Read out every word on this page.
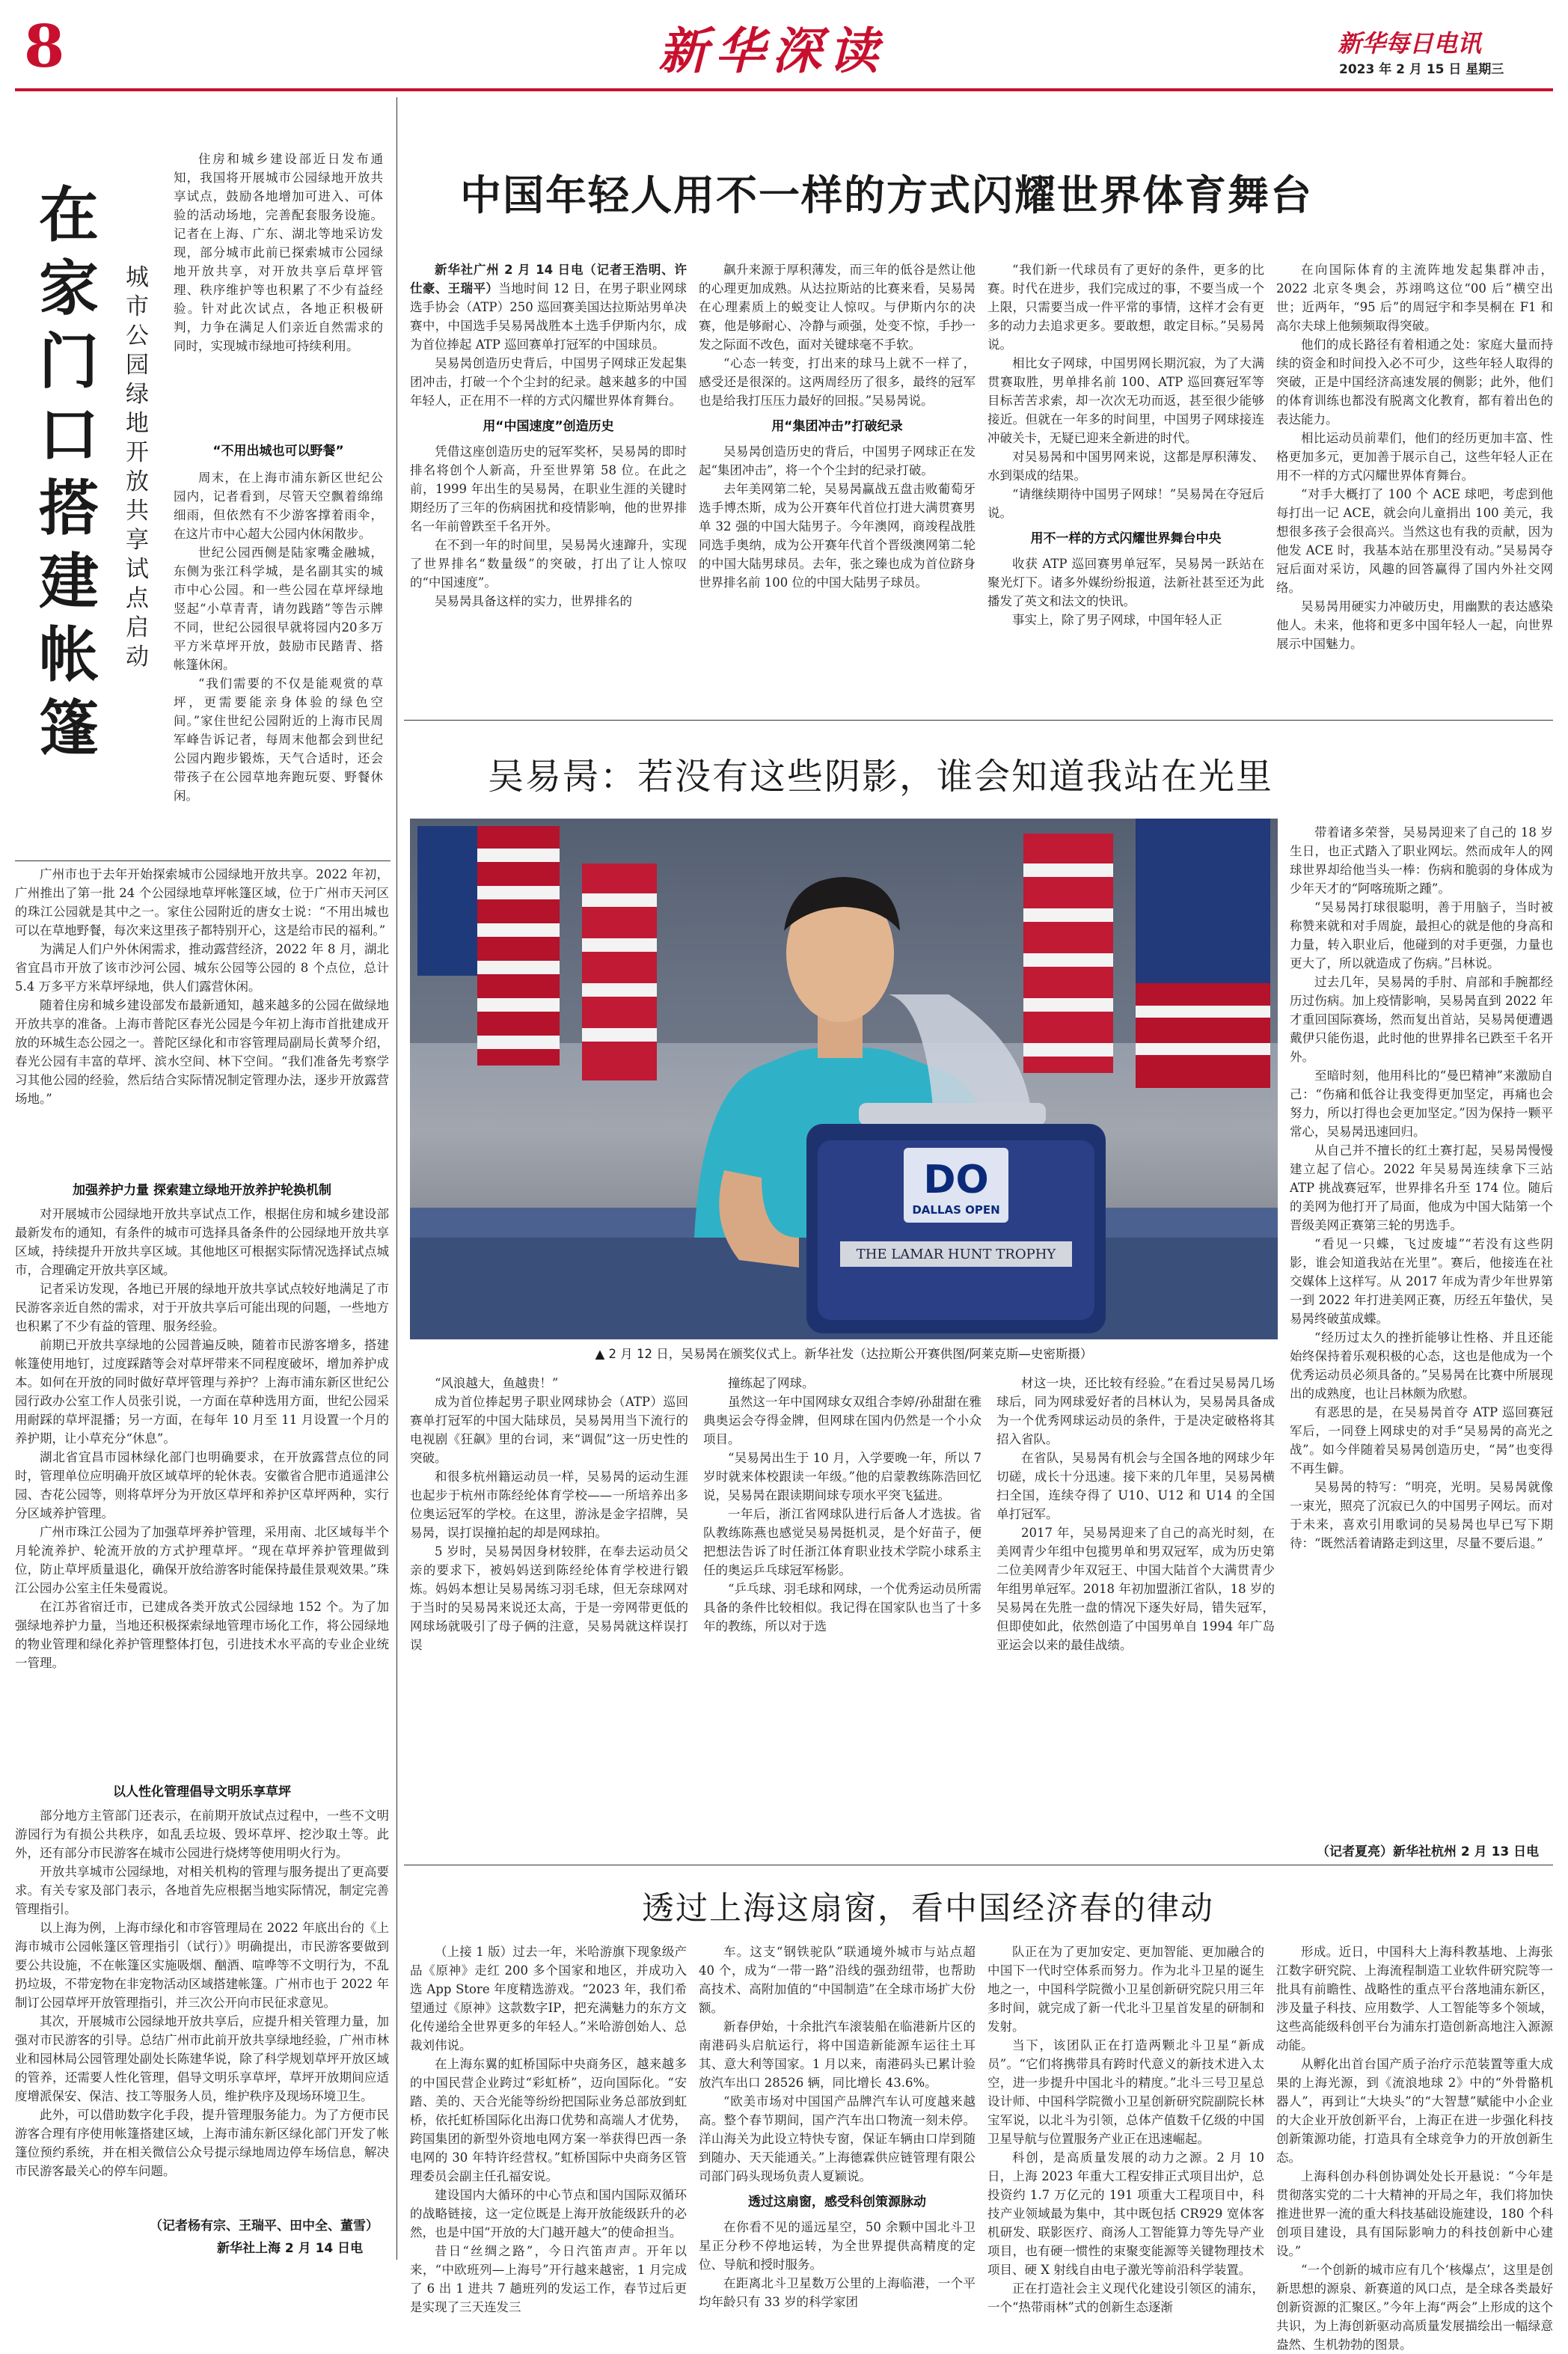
8	新华深读	新华每日电讯
2023 年 2 月 15 日 星期三
在家门口搭建帐篷
城市公园绿地开放共享试点启动

住房和城乡建设部近日发布通知，我国将开展城市公园绿地开放共享试点，鼓励各地增加可进入、可体验的活动场地，完善配套服务设施。记者在上海、广东、湖北等地采访发现，部分城市此前已探索城市公园绿地开放共享，对开放共享后草坪管理、秩序维护等也积累了不少有益经验。针对此次试点，各地正积极研判，力争在满足人们亲近自然需求的同时，实现城市绿地可持续利用。

“不用出城也可以野餐”

周末，在上海市浦东新区世纪公园内，记者看到，尽管天空飘着绵绵细雨，但依然有不少游客撑着雨伞，在这片市中心超大公园内休闲散步。

世纪公园西侧是陆家嘴金融城，东侧为张江科学城，是名副其实的城市中心公园。和一些公园在草坪绿地竖起“小草青青，请勿践踏”等告示牌不同，世纪公园很早就将园内20多万平方米草坪开放，鼓励市民踏青、搭帐篷休闲。

“我们需要的不仅是能观赏的草坪，更需要能亲身体验的绿色空间。”家住世纪公园附近的上海市民周军峰告诉记者，每周末他都会到世纪公园内跑步锻炼，天气合适时，还会带孩子在公园草地奔跑玩耍、野餐休闲。

广州市也于去年开始探索城市公园绿地开放共享。2022 年初，广州推出了第一批 24 个公园绿地草坪帐篷区域，位于广州市天河区的珠江公园就是其中之一。家住公园附近的唐女士说：“不用出城也可以在草地野餐，每次来这里孩子都特别开心，这是给市民的福利。”

为满足人们户外休闲需求，推动露营经济，2022 年 8 月，湖北省宜昌市开放了该市沙河公园、城东公园等公园的 8 个点位，总计 5.4 万多平方米草坪绿地，供人们露营休闲。

随着住房和城乡建设部发布最新通知，越来越多的公园在做绿地开放共享的准备。上海市普陀区春光公园是今年初上海市首批建成开放的环城生态公园之一。普陀区绿化和市容管理局副局长黄琴介绍，春光公园有丰富的草坪、滨水空间、林下空间。“我们准备先考察学习其他公园的经验，然后结合实际情况制定管理办法，逐步开放露营场地。”

加强养护力量 探索建立绿地开放养护轮换机制

对开展城市公园绿地开放共享试点工作，根据住房和城乡建设部最新发布的通知，有条件的城市可选择具备条件的公园绿地开放共享区域，持续提升开放共享区域。其他地区可根据实际情况选择试点城市，合理确定开放共享区域。

记者采访发现，各地已开展的绿地开放共享试点较好地满足了市民游客亲近自然的需求，对于开放共享后可能出现的问题，一些地方也积累了不少有益的管理、服务经验。

前期已开放共享绿地的公园普遍反映，随着市民游客增多，搭建帐篷使用地钉，过度踩踏等会对草坪带来不同程度破坏，增加养护成本。如何在开放的同时做好草坪管理与养护？上海市浦东新区世纪公园行政办公室工作人员张引说，一方面在草种选用方面，世纪公园采用耐踩的草坪混播；另一方面，在每年 10 月至 11 月设置一个月的养护期，让小草充分“休息”。

湖北省宜昌市园林绿化部门也明确要求，在开放露营点位的同时，管理单位应明确开放区域草坪的轮休表。安徽省合肥市逍遥津公园、杏花公园等，则将草坪分为开放区草坪和养护区草坪两种，实行分区域养护管理。

广州市珠江公园为了加强草坪养护管理，采用南、北区域每半个月轮流养护、轮流开放的方式护理草坪。“现在草坪养护管理做到位，防止草坪质量退化，确保开放给游客时能保持最佳景观效果。”珠江公园办公室主任朱曼霞说。

在江苏省宿迁市，已建成各类开放式公园绿地 152 个。为了加强绿地养护力量，当地还积极探索绿地管理市场化工作，将公园绿地的物业管理和绿化养护管理整体打包，引进技术水平高的专业企业统一管理。

以人性化管理倡导文明乐享草坪

部分地方主管部门还表示，在前期开放试点过程中，一些不文明游园行为有损公共秩序，如乱丢垃圾、毁坏草坪、挖沙取土等。此外，还有部分市民游客在城市公园进行烧烤等使用明火行为。

开放共享城市公园绿地，对相关机构的管理与服务提出了更高要求。有关专家及部门表示，各地首先应根据当地实际情况，制定完善管理指引。

以上海为例，上海市绿化和市容管理局在 2022 年底出台的《上海市城市公园帐篷区管理指引（试行）》明确提出，市民游客要做到要公共设施，不在帐篷区实施吸烟、酗酒、喧哗等不文明行为，不乱扔垃圾，不带宠物在非宠物活动区域搭建帐篷。广州市也于 2022 年制订公园草坪开放管理指引，并三次公开向市民征求意见。

其次，开展城市公园绿地开放共享后，应提升相关管理力量，加强对市民游客的引导。总结广州市此前开放共享绿地经验，广州市林业和园林局公园管理处副处长陈建华说，除了科学规划草坪开放区域的管养，还需要人性化管理，倡导文明乐享草坪，草坪开放期间应适度增派保安、保洁、技工等服务人员，维护秩序及现场环境卫生。

此外，可以借助数字化手段，提升管理服务能力。为了方便市民游客合理有序使用帐篷搭建区域，上海市浦东新区绿化部门开发了帐篷位预约系统，并在相关微信公众号提示绿地周边停车场信息，解决市民游客最关心的停车问题。

（记者杨有宗、王瑞平、田中全、董雪）
新华社上海 2 月 14 日电
中国年轻人用不一样的方式闪耀世界体育舞台

新华社广州 2 月 14 日电（记者王浩明、许仕豪、王瑞平）当地时间 12 日，在男子职业网球选手协会（ATP）250 巡回赛美国达拉斯站男单决赛中，中国选手吴易昺战胜本土选手伊斯内尔，成为首位捧起 ATP 巡回赛单打冠军的中国球员。

吴易昺创造历史背后，中国男子网球正发起集团冲击，打破一个个尘封的纪录。越来越多的中国年轻人，正在用不一样的方式闪耀世界体育舞台。

用“中国速度”创造历史

凭借这座创造历史的冠军奖杯，吴易昺的即时排名将创个人新高，升至世界第 58 位。在此之前，1999 年出生的吴易昺，在职业生涯的关键时期经历了三年的伤病困扰和疫情影响，他的世界排名一年前曾跌至千名开外。

在不到一年的时间里，吴易昺火速蹿升，实现了世界排名“数量级”的突破，打出了让人惊叹的“中国速度”。

吴易昺具备这样的实力，世界排名的

飙升来源于厚积薄发，而三年的低谷是然让他的心理更加成熟。从达拉斯站的比赛来看，吴易昺在心理素质上的蜕变让人惊叹。与伊斯内尔的决赛，他是够耐心、冷静与顽强，处变不惊，手抄一发之际面不改色，面对关键球毫不手软。

“心态一转变，打出来的球马上就不一样了，感受还是很深的。这两周经历了很多，最终的冠军也是给我打压压力最好的回报。”吴易昺说。

用“集团冲击”打破纪录

吴易昺创造历史的背后，中国男子网球正在发起“集团冲击”，将一个个尘封的纪录打破。

去年美网第二轮，吴易昺赢战五盘击败葡萄牙选手博杰斯，成为公开赛年代首位打进大满贯赛男单 32 强的中国大陆男子。今年澳网，商竣程战胜同选手奥纳，成为公开赛年代首个晋级澳网第二轮的中国大陆男球员。去年，张之臻也成为首位跻身世界排名前 100 位的中国大陆男子球员。

“我们新一代球员有了更好的条件，更多的比赛。时代在进步，我们完成过的事，不要当成一个上限，只需要当成一件平常的事情，这样才会有更多的动力去追求更多。要敢想，敢定目标。”吴易昺说。

相比女子网球，中国男网长期沉寂，为了大满贯赛取胜，男单排名前 100、ATP 巡回赛冠军等目标苦苦求索，却一次次无功而返，甚至很少能够接近。但就在一年多的时间里，中国男子网球接连冲破关卡，无疑已迎来全新进的时代。

对吴易昺和中国男网来说，这都是厚积薄发、水到渠成的结果。

“请继续期待中国男子网球！”吴易昺在夺冠后说。

用不一样的方式闪耀世界舞台中央

收获 ATP 巡回赛男单冠军，吴易昺一跃站在聚光灯下。诸多外媒纷纷报道，法新社甚至还为此播发了英文和法文的快讯。

事实上，除了男子网球，中国年轻人正

在向国际体育的主流阵地发起集群冲击，2022 北京冬奥会，苏翊鸣这位“00 后”横空出世；近两年，“95 后”的周冠宇和李昊桐在 F1 和高尔夫球上他频频取得突破。

他们的成长路径有着相通之处：家庭大量而持续的资金和时间投入必不可少，这些年轻人取得的突破，正是中国经济高速发展的侧影；此外，他们的体育训练也都没有脱离文化教育，都有着出色的表达能力。

相比运动员前辈们，他们的经历更加丰富、性格更加多元，更加善于展示自己，这些年轻人正在用不一样的方式闪耀世界体育舞台。

“对手大概打了 100 个 ACE 球吧，考虑到他每打出一记 ACE，就会向儿童捐出 100 美元，我想很多孩子会很高兴。当然这也有我的贡献，因为他发 ACE 时，我基本站在那里没有动。”吴易昺夺冠后面对采访，风趣的回答赢得了国内外社交网络。

吴易昺用硬实力冲破历史，用幽默的表达感染他人。未来，他将和更多中国年轻人一起，向世界展示中国魅力。

吴易昺：若没有这些阴影，谁会知道我站在光里
DO
DALLAS OPEN
THE LAMAR HUNT TROPHY
▲ 2 月 12 日，吴易昺在颁奖仪式上。新华社发（达拉斯公开赛供图/阿莱克斯—史密斯摄）

“风浪越大，鱼越贵！”

成为首位捧起男子职业网球协会（ATP）巡回赛单打冠军的中国大陆球员，吴易昺用当下流行的电视剧《狂飙》里的台词，来“调侃”这一历史性的突破。

和很多杭州籍运动员一样，吴易昺的运动生涯也起步于杭州市陈经纶体育学校——一所培养出多位奥运冠军的学校。在这里，游泳是金字招牌，吴易昺，误打误撞拍起的却是网球拍。

5 岁时，吴易昺因身材较胖，在奉去运动员父亲的要求下，被妈妈送到陈经纶体育学校进行锻炼。妈妈本想让吴易昺练习羽毛球，但无奈球网对于当时的吴易昺来说还太高，于是一旁网带更低的网球场就吸引了母子俩的注意，吴易昺就这样误打误

撞练起了网球。

虽然这一年中国网球女双组合李婷/孙甜甜在雅典奥运会夺得金牌，但网球在国内仍然是一个小众项目。

“吴易昺出生于 10 月，入学要晚一年，所以 7 岁时就来体校跟读一年级。”他的启蒙教练陈浩回忆说，吴易昺在跟读期间球专项水平突飞猛进。

一年后，浙江省网球队进行后备人才选拔。省队教练陈燕也感觉吴易昺挺机灵，是个好苗子，便把想法告诉了时任浙江体育职业技术学院小球系主任的奥运乒乓球冠军杨影。

“乒乓球、羽毛球和网球，一个优秀运动员所需具备的条件比较相似。我记得在国家队也当了十多年的教练，所以对于选

材这一块，还比较有经验。”在看过吴易昺几场球后，同为网球爱好者的吕林认为，吴易昺具备成为一个优秀网球运动员的条件，于是决定破格将其招入省队。

在省队，吴易昺有机会与全国各地的网球少年切磋，成长十分迅速。接下来的几年里，吴易昺横扫全国，连续夺得了 U10、U12 和 U14 的全国单打冠军。

2017 年，吴易昺迎来了自己的高光时刻，在美网青少年组中包揽男单和男双冠军，成为历史第二位美网青少年双冠王、中国大陆首个大满贯青少年组男单冠军。2018 年初加盟浙江省队，18 岁的吴易昺在先胜一盘的情况下逐失好局，错失冠军，但即使如此，依然创造了中国男单自 1994 年广岛亚运会以来的最佳战绩。

带着诸多荣誉，吴易昺迎来了自己的 18 岁生日，也正式踏入了职业网坛。然而成年人的网球世界却给他当头一棒：伤病和脆弱的身体成为少年天才的“阿喀琉斯之踵”。

“吴易昺打球很聪明，善于用脑子，当时被称赞来就和对手周旋，最担心的就是他的身高和力量，转入职业后，他碰到的对手更强，力量也更大了，所以就造成了伤病。”吕林说。

过去几年，吴易昺的手肘、肩部和手腕都经历过伤病。加上疫情影响，吴易昺直到 2022 年才重回国际赛场，然而复出首站，吴易昺便遭遇戴伊只能伤退，此时他的世界排名已跌至千名开外。

至暗时刻，他用科比的“曼巴精神”来激励自己：“伤痛和低谷让我变得更加坚定，再痛也会努力，所以打得也会更加坚定。”因为保持一颗平常心，吴易昺迅速回归。

从自己并不擅长的红土赛打起，吴易昺慢慢建立起了信心。2022 年吴易昺连续拿下三站 ATP 挑战赛冠军，世界排名升至 174 位。随后的美网为他打开了局面，他成为中国大陆第一个晋级美网正赛第三轮的男选手。

“看见一只蝶，飞过废墟”“若没有这些阴影，谁会知道我站在光里”。赛后，他接连在社交媒体上这样写。从 2017 年成为青少年世界第一到 2022 年打进美网正赛，历经五年蛰伏，吴易昺终破茧成蝶。

“经历过太久的挫折能够让性格、并且还能始终保持着乐观积极的心态，这也是他成为一个优秀运动员必须具备的。”吴易昺在比赛中所展现出的成熟度，也让吕林颇为欣慰。

有恶思的是，在吴易昺首夺 ATP 巡回赛冠军后，一同登上网球史的对手“吴易昺的高光之战”。如今伴随着吴易昺创造历史，“昺”也变得不再生僻。

吴易昺的特写：“明亮，光明。吴易昺就像一束光，照亮了沉寂已久的中国男子网坛。而对于未来，喜欢引用歌词的吴易昺也早已写下期待：“既然活着请路走到这里，尽量不要后退。”

（记者夏亮）新华社杭州 2 月 13 日电
透过上海这扇窗，看中国经济春的律动

（上接 1 版）过去一年，米哈游旗下现象级产品《原神》走红 200 多个国家和地区，并成功入选 App Store 年度精选游戏。“2023 年，我们希望通过《原神》这款数字IP，把充满魅力的东方文化传递给全世界更多的年轻人。”米哈游创始人、总裁刘伟说。

在上海东翼的虹桥国际中央商务区，越来越多的中国民营企业跨过“彩虹桥”，迈向国际化。“安踏、美的、天合光能等纷纷把国际业务总部放到虹桥，依托虹桥国际化出海口优势和高端人才优势，跨国集团的新型外资地电网方案一举获得巴西一条电网的 30 年特许经营权。”虹桥国际中央商务区管理委员会副主任孔福安说。

建设国内大循环的中心节点和国内国际双循环的战略链接，这一定位既是上海开放能级跃升的必然，也是中国“开放的大门越开越大”的使命担当。

昔日“丝绸之路”，今日汽笛声声。开年以来，“中欧班列—上海号”开行越来越密，1 月完成了 6 出 1 进共 7 趟班列的发运工作，春节过后更是实现了三天连发三

车。这支“钢铁驼队”联通境外城市与站点超 40 个，成为“一带一路”沿线的强劲纽带，也帮助高技术、高附加值的“中国制造”在全球市场扩大份额。

新春伊始，十余批汽车滚装船在临港新片区的南港码头启航运行，将中国造新能源车运往土耳其、意大利等国家。1 月以来，南港码头已累计验放汽车出口 28526 辆，同比增长 43.6%。

“欧美市场对中国国产品牌汽车认可度越来越高。整个春节期间，国产汽车出口物流一刻未停。洋山海关为此设立特快专窗，保证车辆由口岸到随到随办、天天能通关。”上海德霖供应链管理有限公司部门码头现场负责人夏颖说。

透过这扇窗，感受科创策源脉动

在你看不见的遥远星空，50 余颗中国北斗卫星正分秒不停地运转，为全世界提供高精度的定位、导航和授时服务。

在距离北斗卫星数万公里的上海临港，一个平均年龄只有 33 岁的科学家团

队正在为了更加安定、更加智能、更加融合的中国下一代时空体系而努力。作为北斗卫星的诞生地之一，中国科学院微小卫星创新研究院只用三年多时间，就完成了新一代北斗卫星首发星的研制和发射。

当下，该团队正在打造两颗北斗卫星“新成员”。“它们将携带具有跨时代意义的新技术进入太空，进一步提升中国北斗的精度。”北斗三号卫星总设计师、中国科学院微小卫星创新研究院副院长林宝军说，以北斗为引领，总体产值数千亿级的中国卫星导航与位置服务产业正在迅速崛起。

科创，是高质量发展的动力之源。2 月 10 日，上海 2023 年重大工程安排正式项目出炉，总投资约 1.7 万亿元的 191 项重大工程项目中，科技产业领域最为集中，其中既包括 CR929 宽体客机研发、联影医疗、商汤人工智能算力等先导产业项目，也有硬一惯性的束聚变能源等关键物理技术项目、硬 X 射线自由电子激光等前沿科学装置。

正在打造社会主义现代化建设引领区的浦东，一个“热带雨林”式的创新生态逐渐

形成。近日，中国科大上海科教基地、上海张江数字研究院、上海流程制造工业软件研究院等一批具有前瞻性、战略性的重点平台落地浦东新区，涉及量子科技、应用数学、人工智能等多个领域，这些高能级科创平台为浦东打造创新高地注入源源动能。

从孵化出首台国产质子治疗示范装置等重大成果的上海光源，到《流浪地球 2》中的“外骨骼机器人”，再到让“大块头”的“大智慧”赋能中小企业的大企业开放创新平台，上海正在进一步强化科技创新策源功能，打造具有全球竞争力的开放创新生态。

上海科创办科创协调处处长开悬说：“今年是贯彻落实党的二十大精神的开局之年，我们将加快推进世界一流的重大科技基础设施建设，180 个科创项目建设，具有国际影响力的科技创新中心建设。”

“一个创新的城市应有几个‘核爆点’，这里是创新思想的源泉、新赛道的风口点，是全球各类最好创新资源的汇聚区。”今年上海“两会”上形成的这个共识，为上海创新驱动高质量发展描绘出一幅绿意盎然、生机勃勃的图景。
